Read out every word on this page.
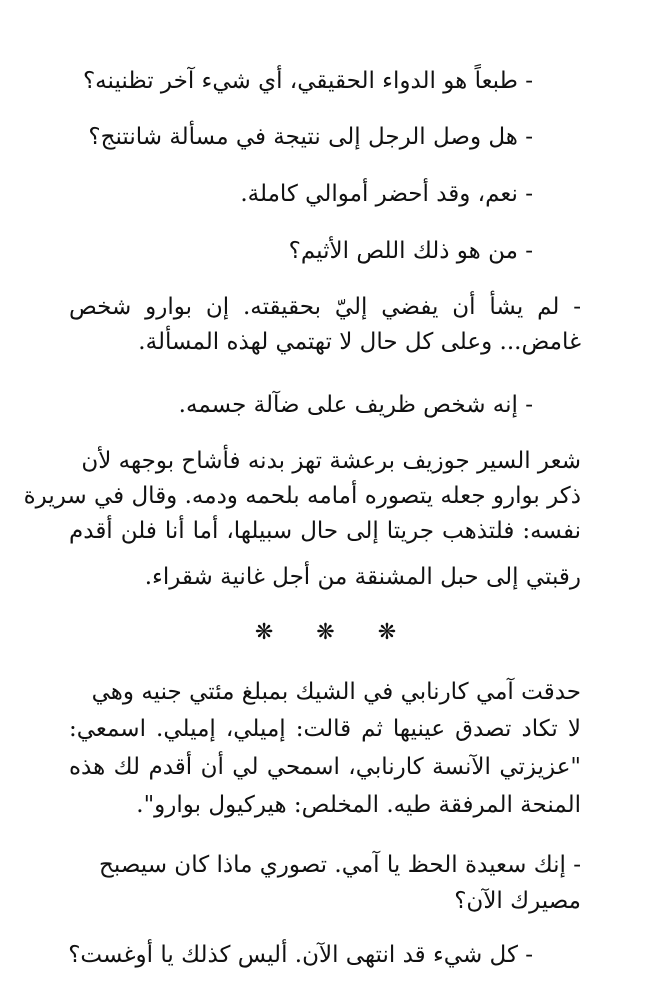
- طبعاً هو الدواء الحقيقي، أي شيء آخر تظنينه؟
- هل وصل الرجل إلى نتيجة في مسألة شانتنج؟
- نعم، وقد أحضر أموالي كاملة.
- من هو ذلك اللص الأثيم؟
- لم يشأ أن يفضي إليّ بحقيقته. إن بوارو شخص
غامض... وعلى كل حال لا تهتمي لهذه المسألة.
- إنه شخص ظريف على ضآلة جسمه.
شعر السير جوزيف برعشة تهز بدنه فأشاح بوجهه لأن
ذكر بوارو جعله يتصوره أمامه بلحمه ودمه. وقال في سريرة
نفسه: فلتذهب جريتا إلى حال سبيلها، أما أنا فلن أقدم
رقبتي إلى حبل المشنقة من أجل غانية شقراء.
❋ ❋ ❋
حدقت آمي كارنابي في الشيك بمبلغ مئتي جنيه وهي
لا تكاد تصدق عينيها ثم قالت: إميلي، إميلي. اسمعي:
"عزيزتي الآنسة كارنابي، اسمحي لي أن أقدم لك هذه
المنحة المرفقة طيه. المخلص: هيركيول بوارو".
- إنك سعيدة الحظ يا آمي. تصوري ماذا كان سيصبح
مصيرك الآن؟
- كل شيء قد انتهى الآن. أليس كذلك يا أوغست؟
